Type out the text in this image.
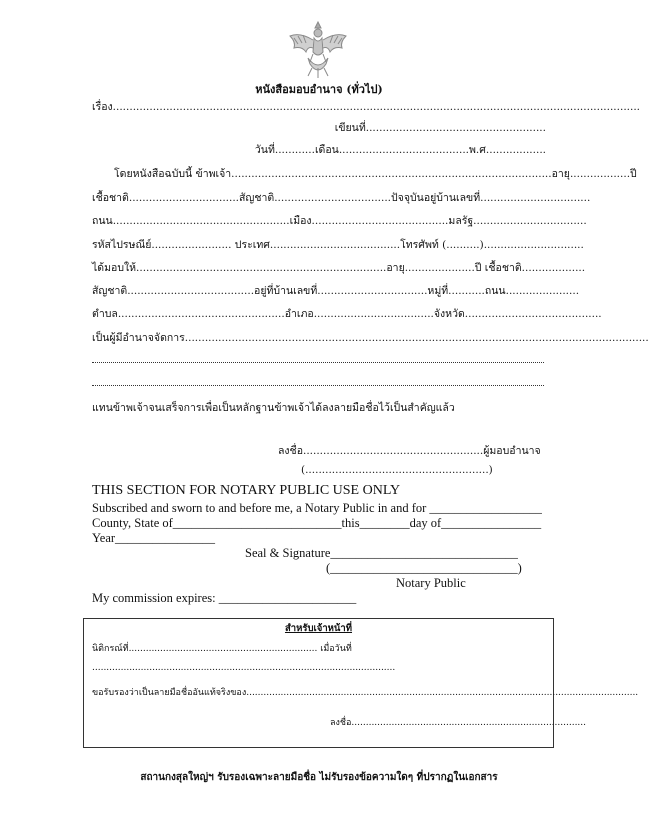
หนังสือมอบอำนาจ (ทั่วไป)
เรื่อง..............................................................................................................................................................
เขียนที่......................................................
วันที่............เดือน.......................................พ.ศ..................
โดยหนังสือฉบับนี้ ข้าพเจ้า................................................................................................อายุ..................ปี
เชื้อชาติ.................................สัญชาติ...................................ปัจจุบันอยู่บ้านเลขที่.................................
ถนน.....................................................เมือง.........................................มลรัฐ..................................
รหัสไปรษณีย์........................ ประเทศ.......................................โทรศัพท์ (..........)..............................
ได้มอบให้...........................................................................อายุ.....................ปี เชื้อชาติ...................
สัญชาติ......................................อยู่ที่บ้านเลขที่.................................หมู่ที่...........ถนน......................
ตำบล..................................................อำเภอ....................................จังหวัด.........................................
เป็นผู้มีอำนาจจัดการ...........................................................................................................................................
แทนข้าพเจ้าจนเสร็จการเพื่อเป็นหลักฐานข้าพเจ้าได้ลงลายมือชื่อไว้เป็นสำคัญแล้ว
ลงชื่อ......................................................ผู้มอบอำนาจ
(.......................................................)
THIS SECTION FOR NOTARY PUBLIC USE ONLY
Subscribed and sworn to and before me, a Notary Public in and for __________________
County, State of___________________________this________day of________________
Year________________
Seal & Signature______________________________
(______________________________)
Notary Public
My commission expires: ______________________
สำหรับเจ้าหน้าที่
นิติกรณ์ที่.................................................................. เมื่อวันที่
..........................................................................................................
ขอรับรองว่าเป็นลายมือชื่ออันแท้จริงของ.........................................................................................................................................
ลงชื่อ..................................................................................
สถานกงสุลใหญ่ฯ รับรองเฉพาะลายมือชื่อ ไม่รับรองข้อความใดๆ ที่ปรากฏในเอกสาร
